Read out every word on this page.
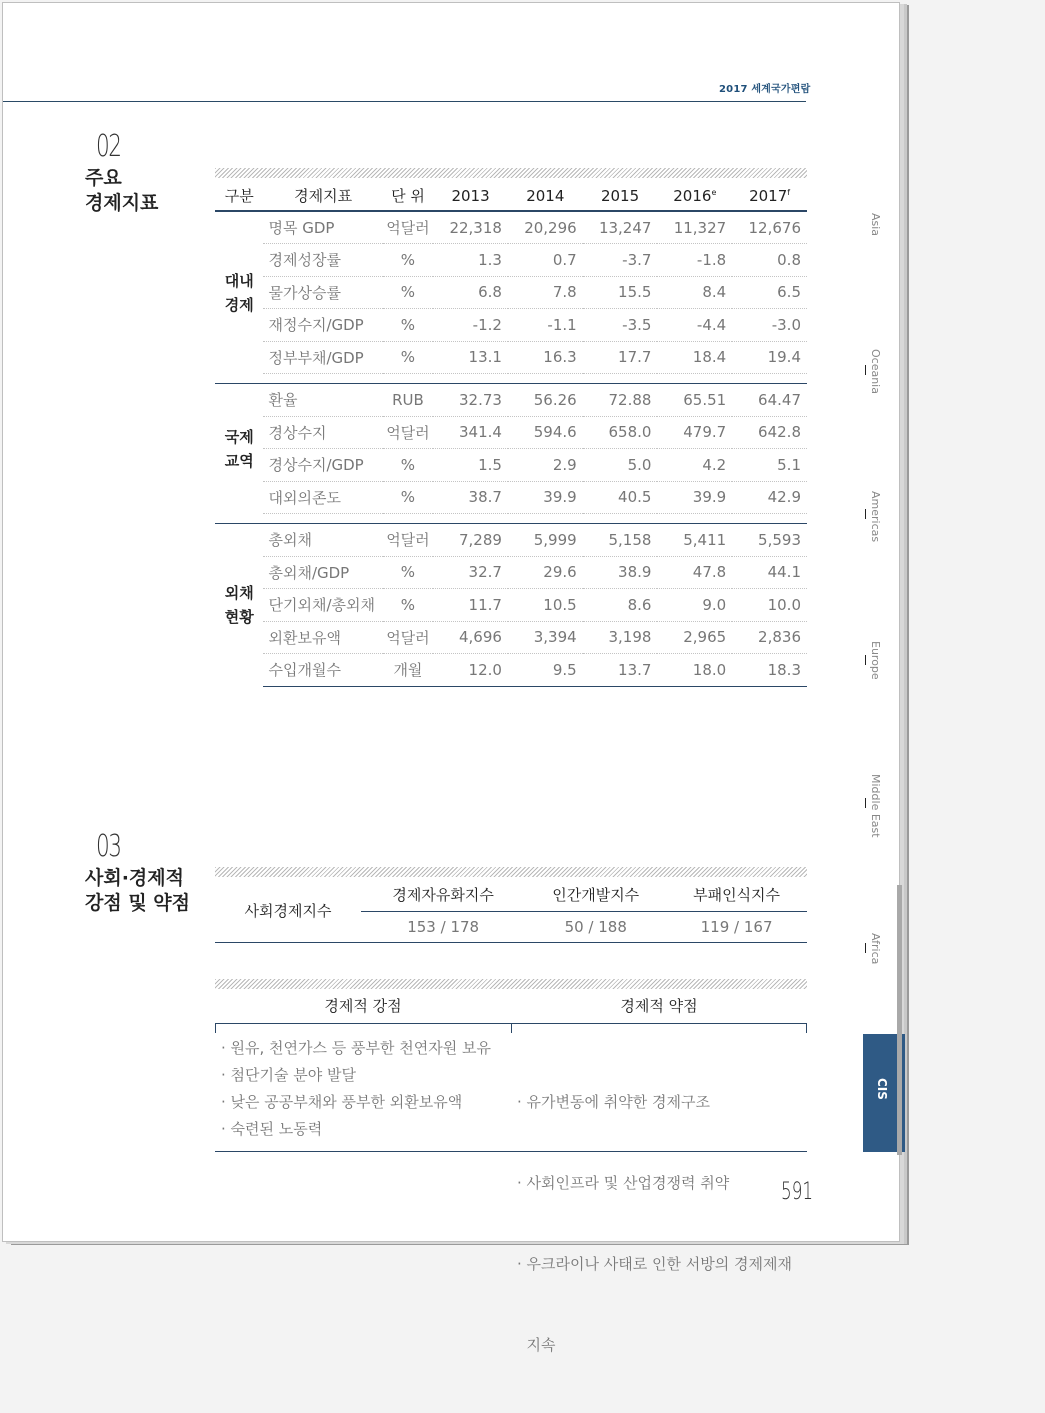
2017 세계국가편람
02
주요
경제지표	구분	경제지표	단 위	2013	2014	2015	2016e	2017$^f$

대내
경제	명목 GDP	억달러	22,318	20,296	13,247	11,327	12,676
	경제성장률	%	1.3	0.7	-3.7	-1.8	0.8
	물가상승률	%	6.8	7.8	15.5	8.4	6.5
	재정수지/GDP	%	-1.2	-1.1	-3.5	-4.4	-3.0
	정부부채/GDP	%	13.1	16.3	17.7	18.4	19.4

국제
교역	환율	RUB	32.73	56.26	72.88	65.51	64.47
	경상수지	억달러	341.4	594.6	658.0	479.7	642.8
	경상수지/GDP	%	1.5	2.9	5.0	4.2	5.1
	대외의존도	%	38.7	39.9	40.5	39.9	42.9

외채
현황	총외채	억달러	7,289	5,999	5,158	5,411	5,593
	총외채/GDP	%	32.7	29.6	38.9	47.8	44.1
	단기외채/총외채	%	11.7	10.5	8.6	9.0	10.0
	외환보유액	억달러	4,696	3,394	3,198	2,965	2,836
	수입개월수	개월	12.0	9.5	13.7	18.0	18.3
03
사회·경제적
강점 및 약점	사회경제지수	경제자유화지수	인간개발지수	부패인식지수
	153 / 178	50 / 188	119 / 167
경제적 강점	경제적 약점
· 원유, 천연가스 등 풍부한 천연자원 보유
· 첨단기술 분야 발달
· 낮은 공공부채와 풍부한 외환보유액
· 숙련된 노동력

· 유가변동에 취약한 경제구조

· 사회인프라 및 산업경쟁력 취약

· 우크라이나 사태로 인한 서방의 경제제재

지속

591
Asia
Oceania
Americas
Europe
Middle East
Africa
CIS
